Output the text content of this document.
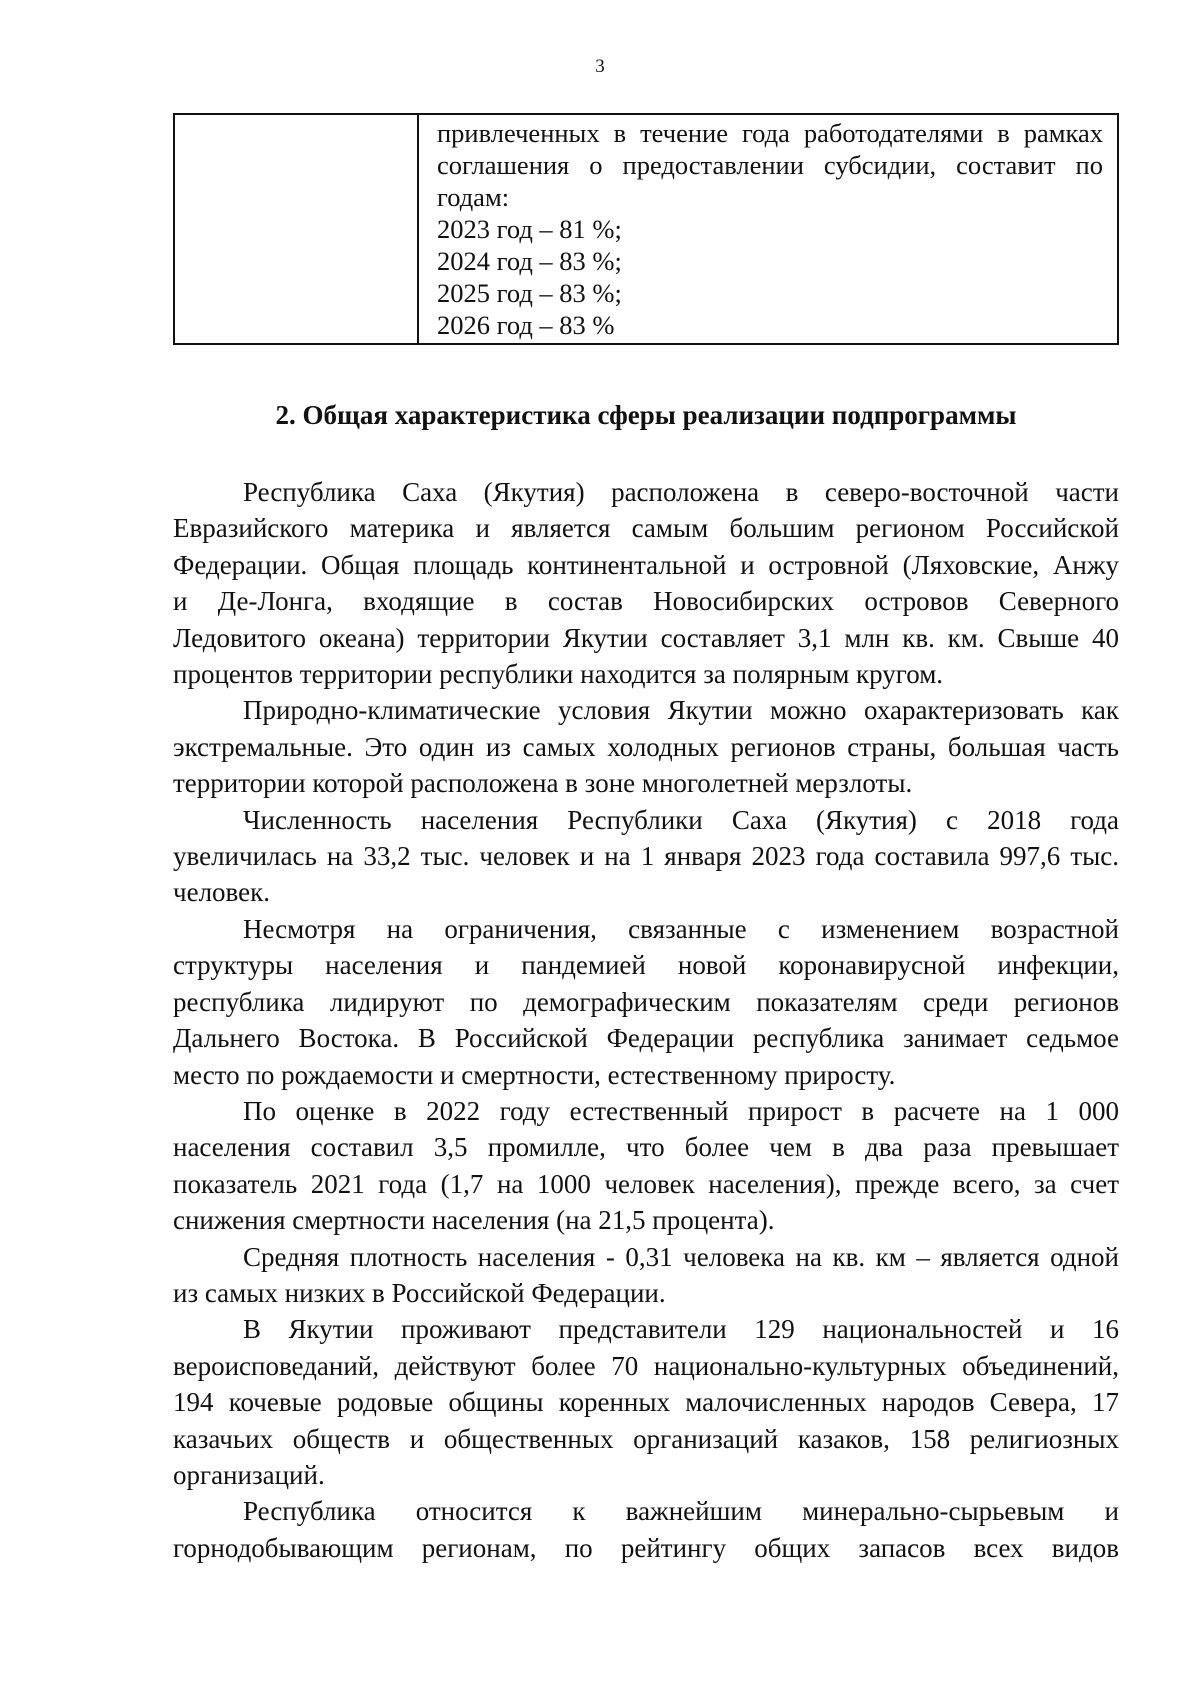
3

привлеченных в течение года работодателями в рамках
соглашения о предоставлении субсидии, составит по
годам:
2023 год – 81 %;
2024 год – 83 %;
2025 год – 83 %;
2026 год – 83 %
2. Общая характеристика сферы реализации подпрограммы
Республика Саха (Якутия) расположена в северо-восточной части
Евразийского материка и является самым большим регионом Российской
Федерации. Общая площадь континентальной и островной (Ляховские, Анжу
и Де-Лонга, входящие в состав Новосибирских островов Северного
Ледовитого океана) территории Якутии составляет 3,1 млн кв. км. Свыше 40
процентов территории республики находится за полярным кругом.
Природно-климатические условия Якутии можно охарактеризовать как
экстремальные. Это один из самых холодных регионов страны, большая часть
территории которой расположена в зоне многолетней мерзлоты.
Численность населения Республики Саха (Якутия) с 2018 года
увеличилась на 33,2 тыс. человек и на 1 января 2023 года составила 997,6 тыс.
человек.
Несмотря на ограничения, связанные с изменением возрастной
структуры населения и пандемией новой коронавирусной инфекции,
республика лидируют по демографическим показателям среди регионов
Дальнего Востока. В Российской Федерации республика занимает седьмое
место по рождаемости и смертности, естественному приросту.
По оценке в 2022 году естественный прирост в расчете на 1 000
населения составил 3,5 промилле, что более чем в два раза превышает
показатель 2021 года (1,7 на 1000 человек населения), прежде всего, за счет
снижения смертности населения (на 21,5 процента).
Средняя плотность населения - 0,31 человека на кв. км – является одной
из самых низких в Российской Федерации.
В Якутии проживают представители 129 национальностей и 16
вероисповеданий, действуют более 70 национально-культурных объединений,
194 кочевые родовые общины коренных малочисленных народов Севера, 17
казачьих обществ и общественных организаций казаков, 158 религиозных
организаций.
Республика относится к важнейшим минерально-сырьевым и
горнодобывающим регионам, по рейтингу общих запасов всех видов
